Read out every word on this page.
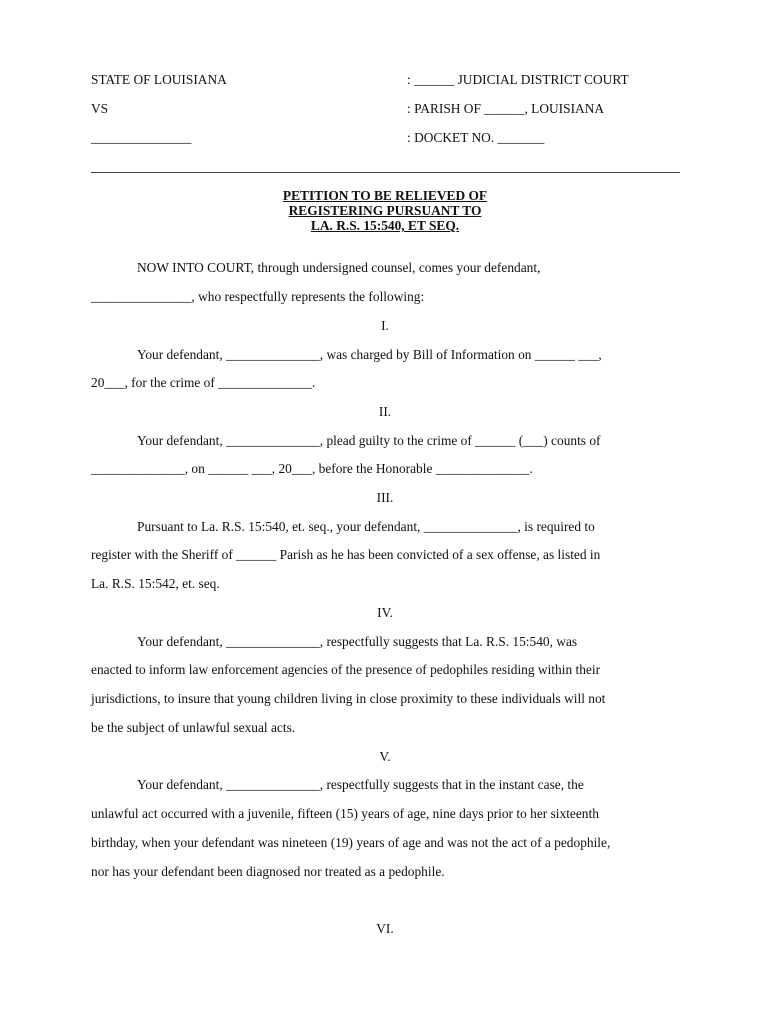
STATE OF LOUISIANA	: ______ JUDICIAL DISTRICT COURT
VS	: PARISH OF ______, LOUISIANA
_______________	: DOCKET NO. _______
PETITION TO BE RELIEVED OF
REGISTERING PURSUANT TO
LA. R.S. 15:540, ET SEQ.
NOW INTO COURT, through undersigned counsel, comes your defendant,
_______________, who respectfully represents the following:
I.
Your defendant, ______________, was charged by Bill of Information on ______ ___,
20___, for the crime of ______________.
II.
Your defendant, ______________, plead guilty to the crime of ______ (___) counts of
______________, on ______ ___, 20___, before the Honorable ______________.
III.
Pursuant to La. R.S. 15:540, et. seq., your defendant, ______________, is required to
register with the Sheriff of ______ Parish as he has been convicted of a sex offense, as listed in
La. R.S. 15:542, et. seq.
IV.
Your defendant, ______________, respectfully suggests that La. R.S. 15:540, was
enacted to inform law enforcement agencies of the presence of pedophiles residing within their
jurisdictions, to insure that young children living in close proximity to these individuals will not
be the subject of unlawful sexual acts.
V.
Your defendant, ______________, respectfully suggests that in the instant case, the
unlawful act occurred with a juvenile, fifteen (15) years of age, nine days prior to her sixteenth
birthday, when your defendant was nineteen (19) years of age and was not the act of a pedophile,
nor has your defendant been diagnosed nor treated as a pedophile.
VI.
